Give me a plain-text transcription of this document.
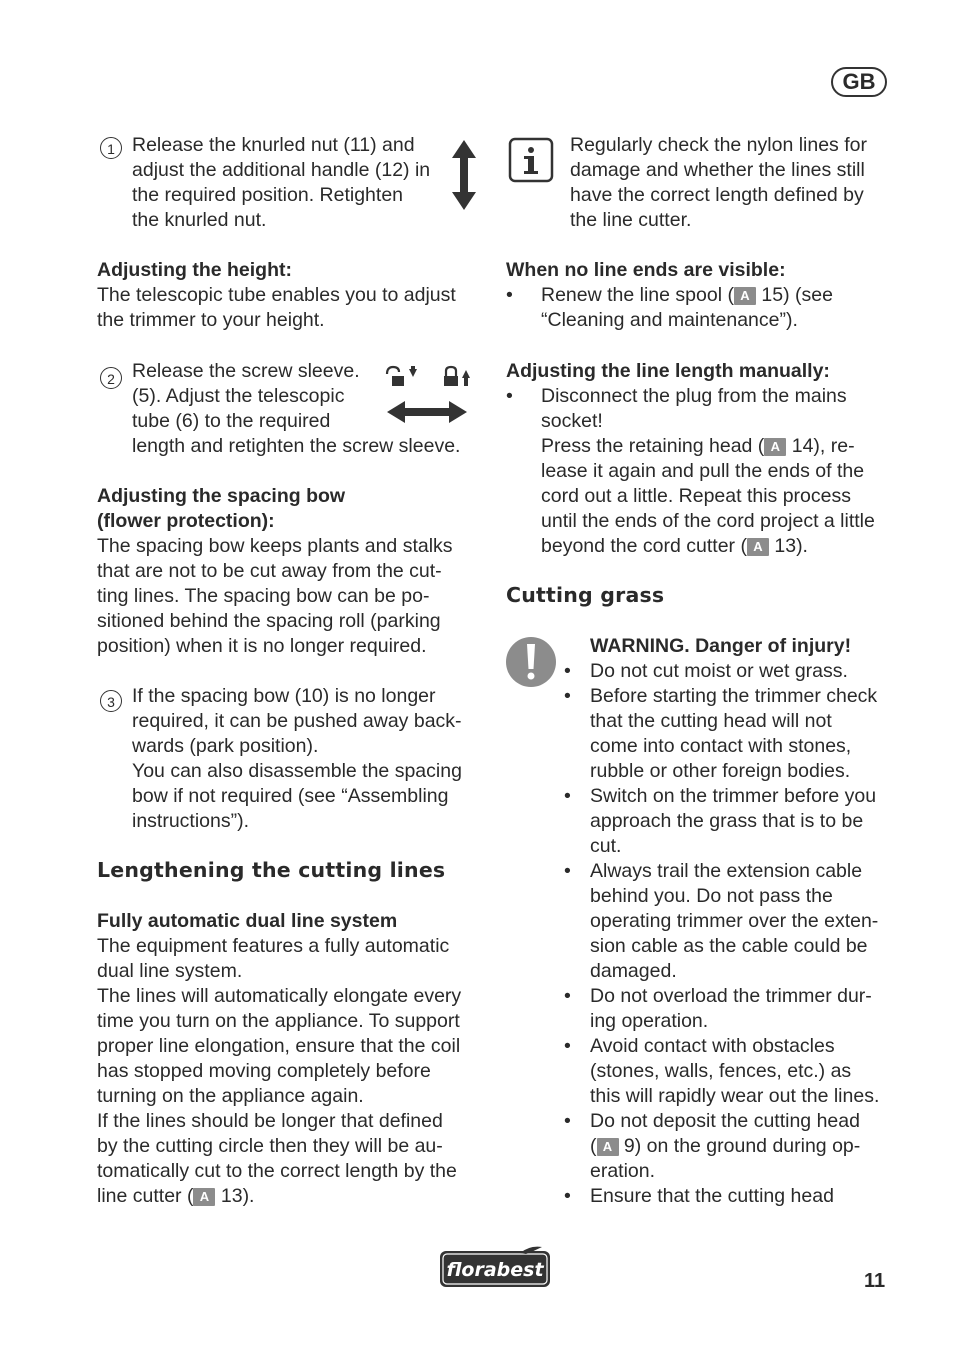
GB
1 Release the knurled nut (11) and
adjust the additional handle (12) in
the required position. Retighten
the knurled nut.
Adjusting the height:
The telescopic tube enables you to adjust
the trimmer to your height.
2 Release the screw sleeve.
(5). Adjust the telescopic
tube (6) to the required
length and retighten the screw sleeve.
Adjusting the spacing bow
(flower protection):
The spacing bow keeps plants and stalks
that are not to be cut away from the cut-
ting lines. The spacing bow can be po-
sitioned behind the spacing roll (parking
position) when it is no longer required.
3 If the spacing bow (10) is no longer
required, it can be pushed away back-
wards (park position).
You can also disassemble the spacing
bow if not required (see “Assembling
instructions”).
Lengthening the cutting lines
Fully automatic dual line system
The equipment features a fully automatic
dual line system.
The lines will automatically elongate every
time you turn on the appliance. To support
proper line elongation, ensure that the coil
has stopped moving completely before
turning on the appliance again.
If the lines should be longer that defined
by the cutting circle then they will be au-
tomatically cut to the correct length by the
line cutter ( A 13).
Regularly check the nylon lines for
damage and whether the lines still
have the correct length defined by
the line cutter.
When no line ends are visible:
• Renew the line spool ( A 15) (see
“Cleaning and maintenance”).
Adjusting the line length manually:
• Disconnect the plug from the mains
socket!
Press the retaining head ( A 14), re-
lease it again and pull the ends of the
cord out a little. Repeat this process
until the ends of the cord project a little
beyond the cord cutter ( A 13).
Cutting grass
WARNING. Danger of injury!
• Do not cut moist or wet grass.
• Before starting the trimmer check
that the cutting head will not
come into contact with stones,
rubble or other foreign bodies.
• Switch on the trimmer before you
approach the grass that is to be
cut.
• Always trail the extension cable
behind you. Do not pass the
operating trimmer over the exten-
sion cable as the cable could be
damaged.
• Do not overload the trimmer dur-
ing operation.
• Avoid contact with obstacles
(stones, walls, fences, etc.) as
this will rapidly wear out the lines.
• Do not deposit the cutting head
( A 9) on the ground during op-
eration.
• Ensure that the cutting head
florabest	11
